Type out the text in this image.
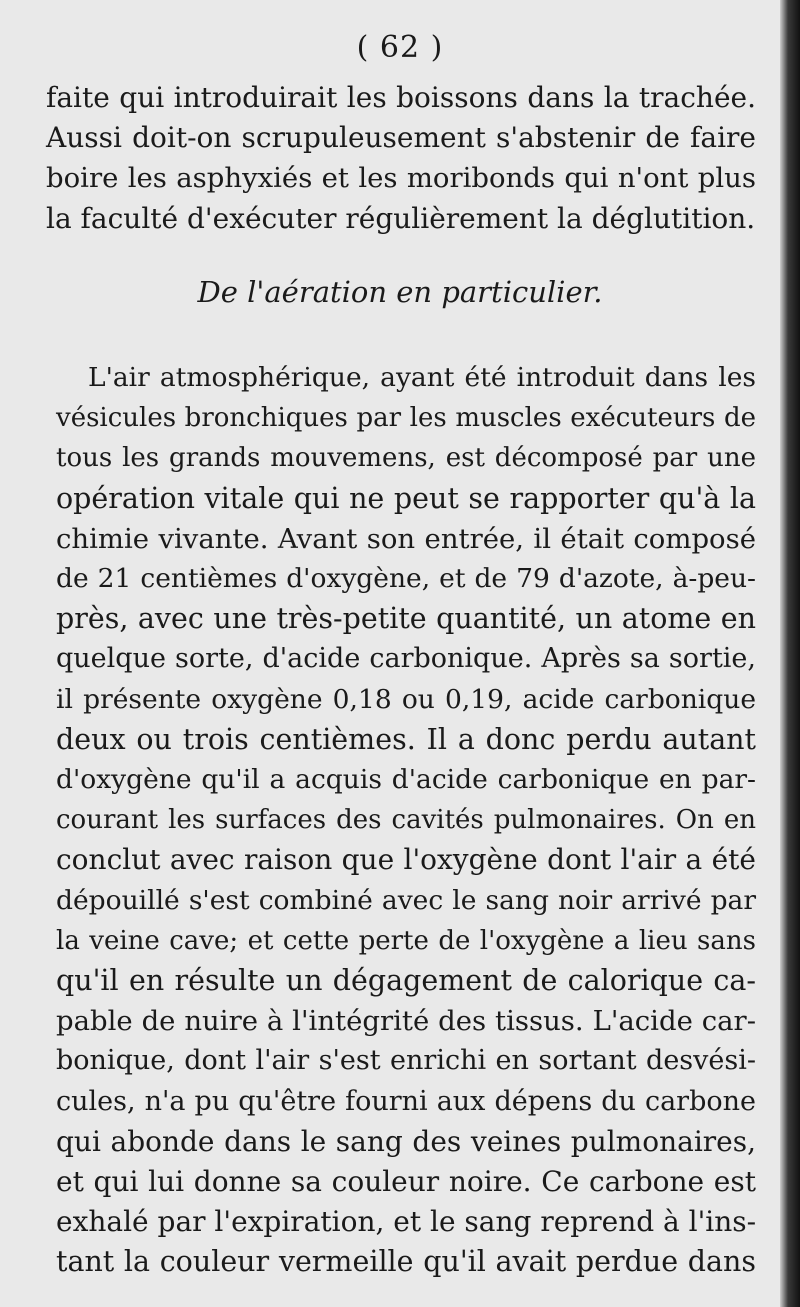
( 62 )
faite qui introduirait les boissons dans la trachée.
Aussi doit-on scrupuleusement s'abstenir de faire
boire les asphyxiés et les moribonds qui n'ont plus
la faculté d'exécuter régulièrement la déglutition.
De l'aération en particulier.
L'air atmosphérique, ayant été introduit dans les
vésicules bronchiques par les muscles exécuteurs de
tous les grands mouvemens, est décomposé par une
opération vitale qui ne peut se rapporter qu'à la
chimie vivante. Avant son entrée, il était composé
de 21 centièmes d'oxygène, et de 79 d'azote, à-peu-
près, avec une très-petite quantité, un atome en
quelque sorte, d'acide carbonique. Après sa sortie,
il présente oxygène 0,18 ou 0,19, acide carbonique
deux ou trois centièmes. Il a donc perdu autant
d'oxygène qu'il a acquis d'acide carbonique en par-
courant les surfaces des cavités pulmonaires. On en
conclut avec raison que l'oxygène dont l'air a été
dépouillé s'est combiné avec le sang noir arrivé par
la veine cave; et cette perte de l'oxygène a lieu sans
qu'il en résulte un dégagement de calorique ca-
pable de nuire à l'intégrité des tissus. L'acide car-
bonique, dont l'air s'est enrichi en sortant desvési-
cules, n'a pu qu'être fourni aux dépens du carbone
qui abonde dans le sang des veines pulmonaires,
et qui lui donne sa couleur noire. Ce carbone est
exhalé par l'expiration, et le sang reprend à l'ins-
tant la couleur vermeille qu'il avait perdue dans
